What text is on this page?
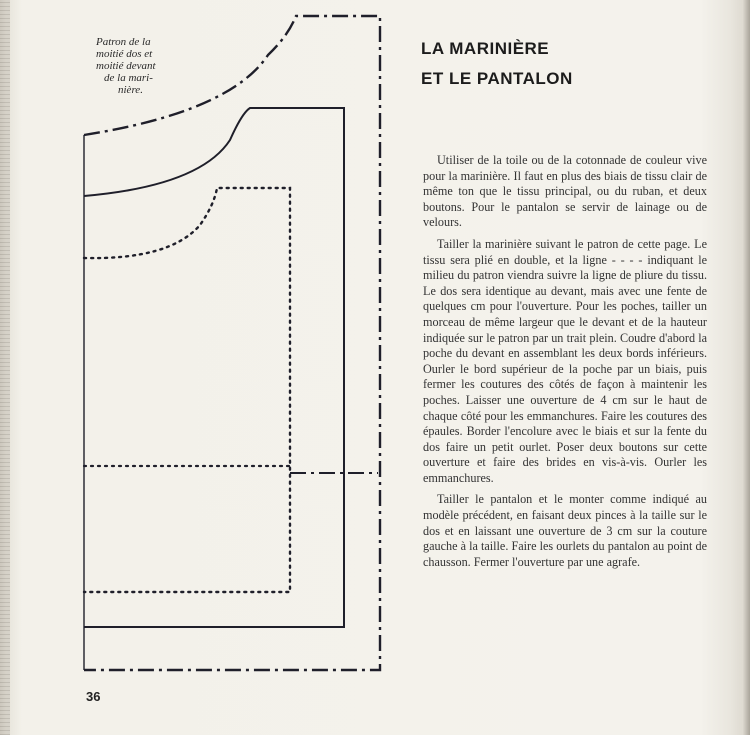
Patron de la
moitié dos et
moitié devant
de la mari-
nière.
LA MARINIÈRE
ET LE PANTALON

Utiliser de la toile ou de la cotonnade de couleur vive pour la marinière. Il faut en plus des biais de tissu clair de même ton que le tissu principal, ou du ruban, et deux boutons. Pour le pantalon se servir de lainage ou de velours.

Tailler la marinière suivant le patron de cette page. Le tissu sera plié en double, et la ligne - - - - indiquant le milieu du patron viendra suivre la ligne de pliure du tissu. Le dos sera identique au devant, mais avec une fente de quelques cm pour l'ouverture. Pour les poches, tailler un morceau de même largeur que le devant et de la hauteur indiquée sur le patron par un trait plein. Coudre d'abord la poche du devant en assemblant les deux bords inférieurs. Ourler le bord supérieur de la poche par un biais, puis fermer les coutures des côtés de façon à maintenir les poches. Laisser une ouverture de 4 cm sur le haut de chaque côté pour les emmanchures. Faire les coutures des épaules. Border l'encolure avec le biais et sur la fente du dos faire un petit ourlet. Poser deux boutons sur cette ouverture et faire des brides en vis-à-vis. Ourler les emmanchures.

Tailler le pantalon et le monter comme indiqué au modèle précédent, en faisant deux pinces à la taille sur le dos et en laissant une ouverture de 3 cm sur la couture gauche à la taille. Faire les ourlets du pantalon au point de chausson. Fermer l'ouverture par une agrafe.

36
